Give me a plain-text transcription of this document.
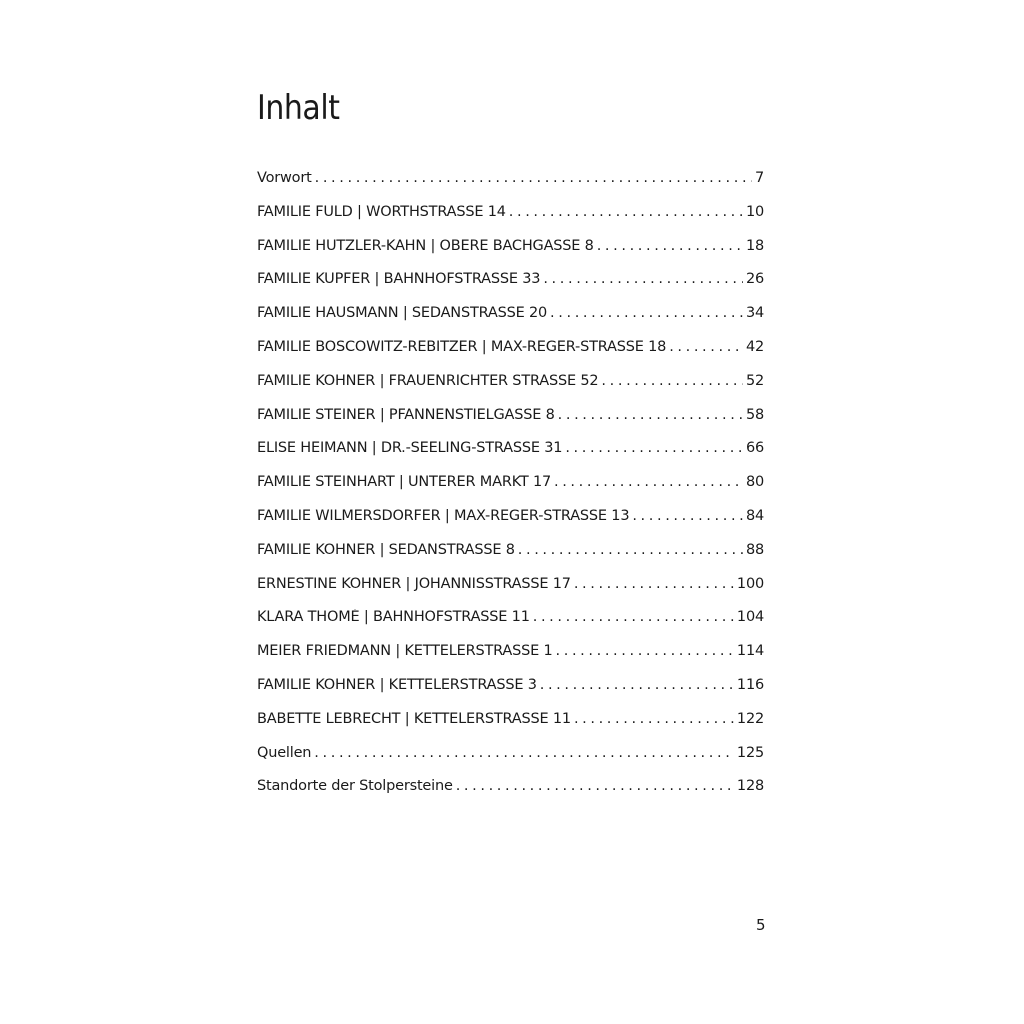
Inhalt
Vorwort . . .	7
FAMILIE FULD | WÖRTHSTRASSE 14 . . .	10
FAMILIE HUTZLER-KAHN | OBERE BACHGASSE 8 . . .	18
FAMILIE KUPFER | BAHNHOFSTRASSE 33 . . .	26
FAMILIE HAUSMANN | SEDANSTRASSE 20 . . .	34
FAMILIE BOSCOWITZ-REBITZER | MAX-REGER-STRASSE 18 . . .	42
FAMILIE KOHNER | FRAUENRICHTER STRASSE 52 . . .	52
FAMILIE STEINER | PFANNENSTIELGASSE 8 . . .	58
ELISE HEIMANN | DR.-SEELING-STRASSE 31 . . .	66
FAMILIE STEINHART | UNTERER MARKT 17 . . .	80
FAMILIE WILMERSDÖRFER | MAX-REGER-STRASSE 13 . . .	84
FAMILIE KOHNER | SEDANSTRASSE 8 . . .	88
ERNESTINE KOHNER | JOHANNISSTRASSE 17 . . .	100
KLARA THOMÉ | BAHNHOFSTRASSE 11 . . .	104
MEIER FRIEDMANN | KETTELERSTRASSE 1 . . .	114
FAMILIE KOHNER | KETTELERSTRASSE 3 . . .	116
BABETTE LEBRECHT | KETTELERSTRASSE 11 . . .	122
Quellen . . .	125
Standorte der Stolpersteine . . .	128
5
